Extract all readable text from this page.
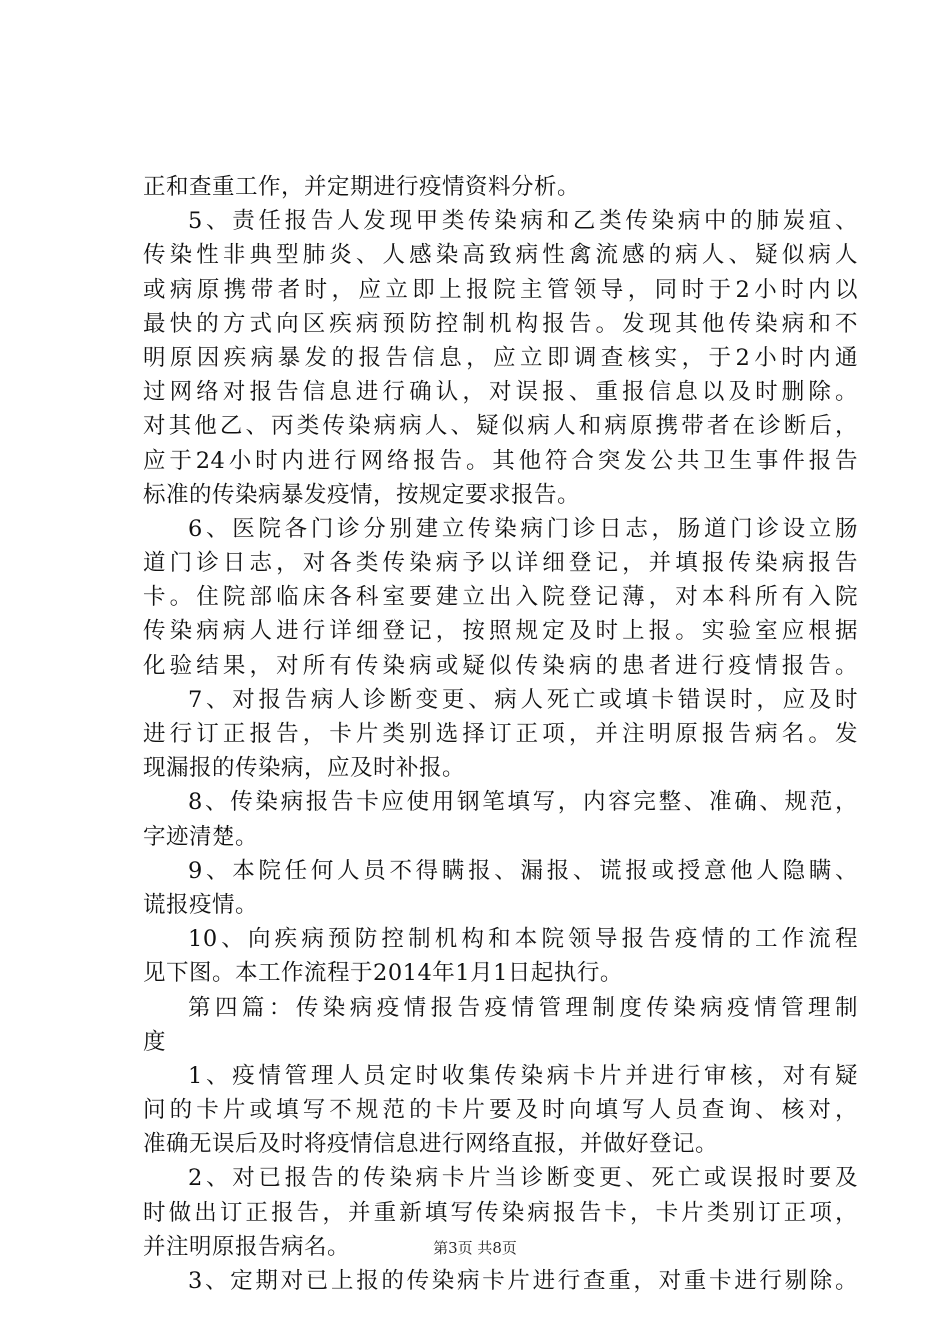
正和查重工作，并定期进行疫情资料分析。
5、责任报告人发现甲类传染病和乙类传染病中的肺炭疽、
传染性非典型肺炎、人感染高致病性禽流感的病人、疑似病人
或病原携带者时，应立即上报院主管领导，同时于2小时内以
最快的方式向区疾病预防控制机构报告。发现其他传染病和不
明原因疾病暴发的报告信息，应立即调查核实，于2小时内通
过网络对报告信息进行确认，对误报、重报信息以及时删除。
对其他乙、丙类传染病病人、疑似病人和病原携带者在诊断后，
应于24小时内进行网络报告。其他符合突发公共卫生事件报告
标准的传染病暴发疫情，按规定要求报告。
6、医院各门诊分别建立传染病门诊日志，肠道门诊设立肠
道门诊日志，对各类传染病予以详细登记，并填报传染病报告
卡。住院部临床各科室要建立出入院登记薄，对本科所有入院
传染病病人进行详细登记，按照规定及时上报。实验室应根据
化验结果，对所有传染病或疑似传染病的患者进行疫情报告。
7、对报告病人诊断变更、病人死亡或填卡错误时，应及时
进行订正报告，卡片类别选择订正项，并注明原报告病名。发
现漏报的传染病，应及时补报。
8、传染病报告卡应使用钢笔填写，内容完整、准确、规范，
字迹清楚。
9、本院任何人员不得瞒报、漏报、谎报或授意他人隐瞒、
谎报疫情。
10、向疾病预防控制机构和本院领导报告疫情的工作流程
见下图。本工作流程于2014年1月1日起执行。
第四篇：传染病疫情报告疫情管理制度传染病疫情管理制
度
1、疫情管理人员定时收集传染病卡片并进行审核，对有疑
问的卡片或填写不规范的卡片要及时向填写人员查询、核对，
准确无误后及时将疫情信息进行网络直报，并做好登记。
2、对已报告的传染病卡片当诊断变更、死亡或误报时要及
时做出订正报告，并重新填写传染病报告卡，卡片类别订正项，
并注明原报告病名。
3、定期对已上报的传染病卡片进行查重，对重卡进行剔除。
第3页 共8页
